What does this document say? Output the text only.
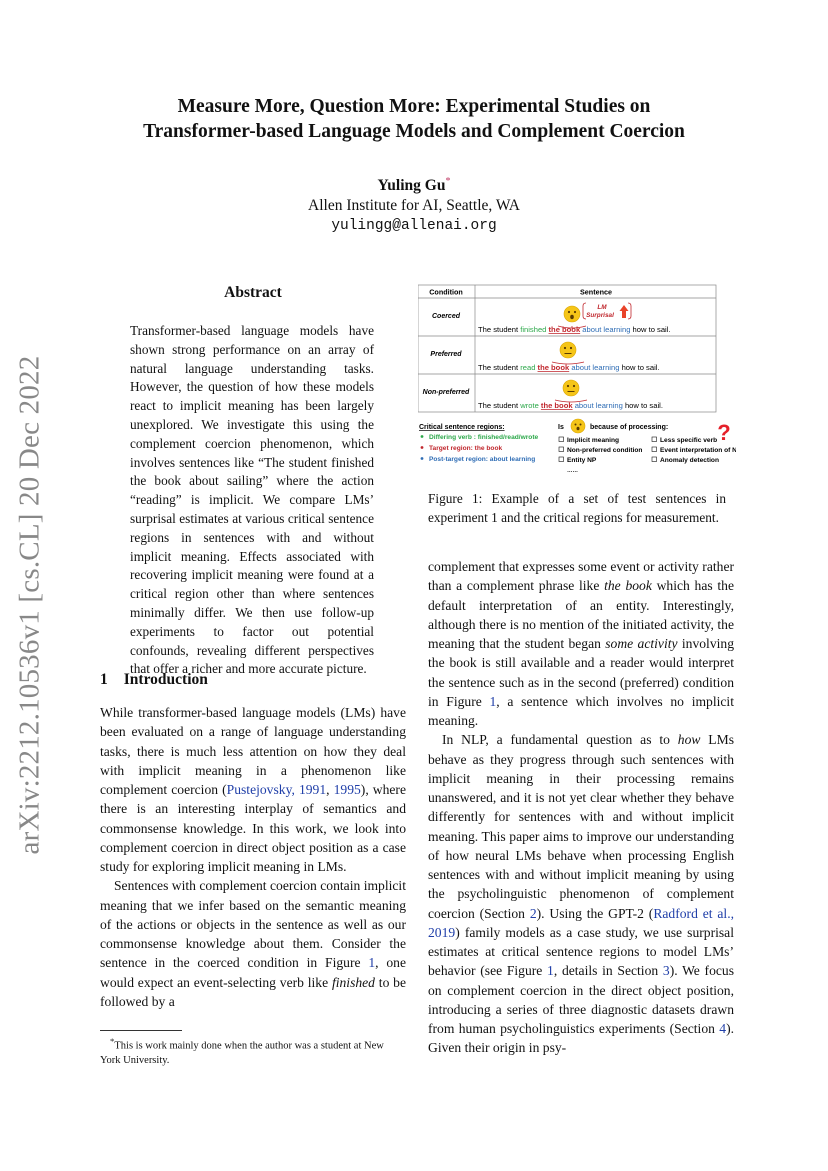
Measure More, Question More: Experimental Studies on
Transformer-based Language Models and Complement Coercion
Yuling Gu*
Allen Institute for AI, Seattle, WA
yulingg@allenai.org
arXiv:2212.10536v1 [cs.CL] 20 Dec 2022
Abstract
Transformer-based language models have shown strong performance on an array of natural language understanding tasks. However, the question of how these models react to implicit meaning has been largely unexplored. We investigate this using the complement coercion phenomenon, which involves sentences like “The student finished the book about sailing” where the action “reading” is implicit. We compare LMs’ surprisal estimates at various critical sentence regions in sentences with and without implicit meaning. Effects associated with recovering implicit meaning were found at a critical region other than where sentences minimally differ. We then use follow-up experiments to factor out potential confounds, revealing different perspectives that offer a richer and more accurate picture.
1 Introduction

While transformer-based language models (LMs) have been evaluated on a range of language understanding tasks, there is much less attention on how they deal with implicit meaning in a phenomenon like complement coercion (Pustejovsky, 1991, 1995), where there is an interesting interplay of semantics and commonsense knowledge. In this work, we look into complement coercion in direct object position as a case study for exploring implicit meaning in LMs.

Sentences with complement coercion contain implicit meaning that we infer based on the semantic meaning of the actions or objects in the sentence as well as our commonsense knowledge about them. Consider the sentence in the coerced condition in Figure 1, one would expect an event-selecting verb like finished to be followed by a

*This is work mainly done when the author was a student at New York University.
Condition	Sentence
Coerced
LM
Surprisal
The student finished the book about learning how to sail.
Preferred
The student read the book about learning how to sail.
Non-preferred
The student wrote the book about learning how to sail.
Critical sentence regions:
Differing verb : finished/read/wrote
Target region: the book
Post-target region: about learning
Is	because of processing:
Implicit meaning
Non-preferred condition
Entity NP
……
Less specific verb
Event interpretation of NP
Anomaly detection
?
Figure 1: Example of a set of test sentences in experiment 1 and the critical regions for measurement.

complement that expresses some event or activity rather than a complement phrase like the book which has the default interpretation of an entity. Interestingly, although there is no mention of the initiated activity, the meaning that the student began some activity involving the book is still available and a reader would interpret the sentence such as in the second (preferred) condition in Figure 1, a sentence which involves no implicit meaning.

In NLP, a fundamental question as to how LMs behave as they progress through such sentences with implicit meaning in their processing remains unanswered, and it is not yet clear whether they behave differently for sentences with and without implicit meaning. This paper aims to improve our understanding of how neural LMs behave when processing English sentences with and without implicit meaning by using the psycholinguistic phenomenon of complement coercion (Section 2). Using the GPT-2 (Radford et al., 2019) family models as a case study, we use surprisal estimates at critical sentence regions to model LMs’ behavior (see Figure 1, details in Section 3). We focus on complement coercion in the direct object position, introducing a series of three diagnostic datasets drawn from human psycholinguistics experiments (Section 4). Given their origin in psy-
